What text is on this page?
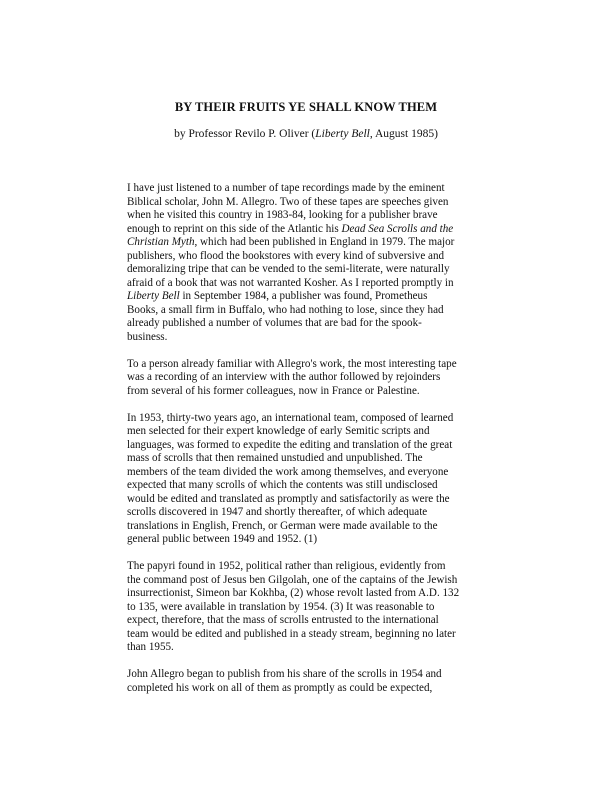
BY THEIR FRUITS YE SHALL KNOW THEM
by Professor Revilo P. Oliver (Liberty Bell, August 1985)

I have just listened to a number of tape recordings made by the eminent
Biblical scholar, John M. Allegro. Two of these tapes are speeches given
when he visited this country in 1983-84, looking for a publisher brave
enough to reprint on this side of the Atlantic his Dead Sea Scrolls and the
Christian Myth, which had been published in England in 1979. The major
publishers, who flood the bookstores with every kind of subversive and
demoralizing tripe that can be vended to the semi-literate, were naturally
afraid of a book that was not warranted Kosher. As I reported promptly in
Liberty Bell in September 1984, a publisher was found, Prometheus
Books, a small firm in Buffalo, who had nothing to lose, since they had
already published a number of volumes that are bad for the spook-
business.

To a person already familiar with Allegro's work, the most interesting tape
was a recording of an interview with the author followed by rejoinders
from several of his former colleagues, now in France or Palestine.

In 1953, thirty-two years ago, an international team, composed of learned
men selected for their expert knowledge of early Semitic scripts and
languages, was formed to expedite the editing and translation of the great
mass of scrolls that then remained unstudied and unpublished. The
members of the team divided the work among themselves, and everyone
expected that many scrolls of which the contents was still undisclosed
would be edited and translated as promptly and satisfactorily as were the
scrolls discovered in 1947 and shortly thereafter, of which adequate
translations in English, French, or German were made available to the
general public between 1949 and 1952. (1)

The papyri found in 1952, political rather than religious, evidently from
the command post of Jesus ben Gilgolah, one of the captains of the Jewish
insurrectionist, Simeon bar Kokhba, (2) whose revolt lasted from A.D. 132
to 135, were available in translation by 1954. (3) It was reasonable to
expect, therefore, that the mass of scrolls entrusted to the international
team would be edited and published in a steady stream, beginning no later
than 1955.

John Allegro began to publish from his share of the scrolls in 1954 and
completed his work on all of them as promptly as could be expected,
